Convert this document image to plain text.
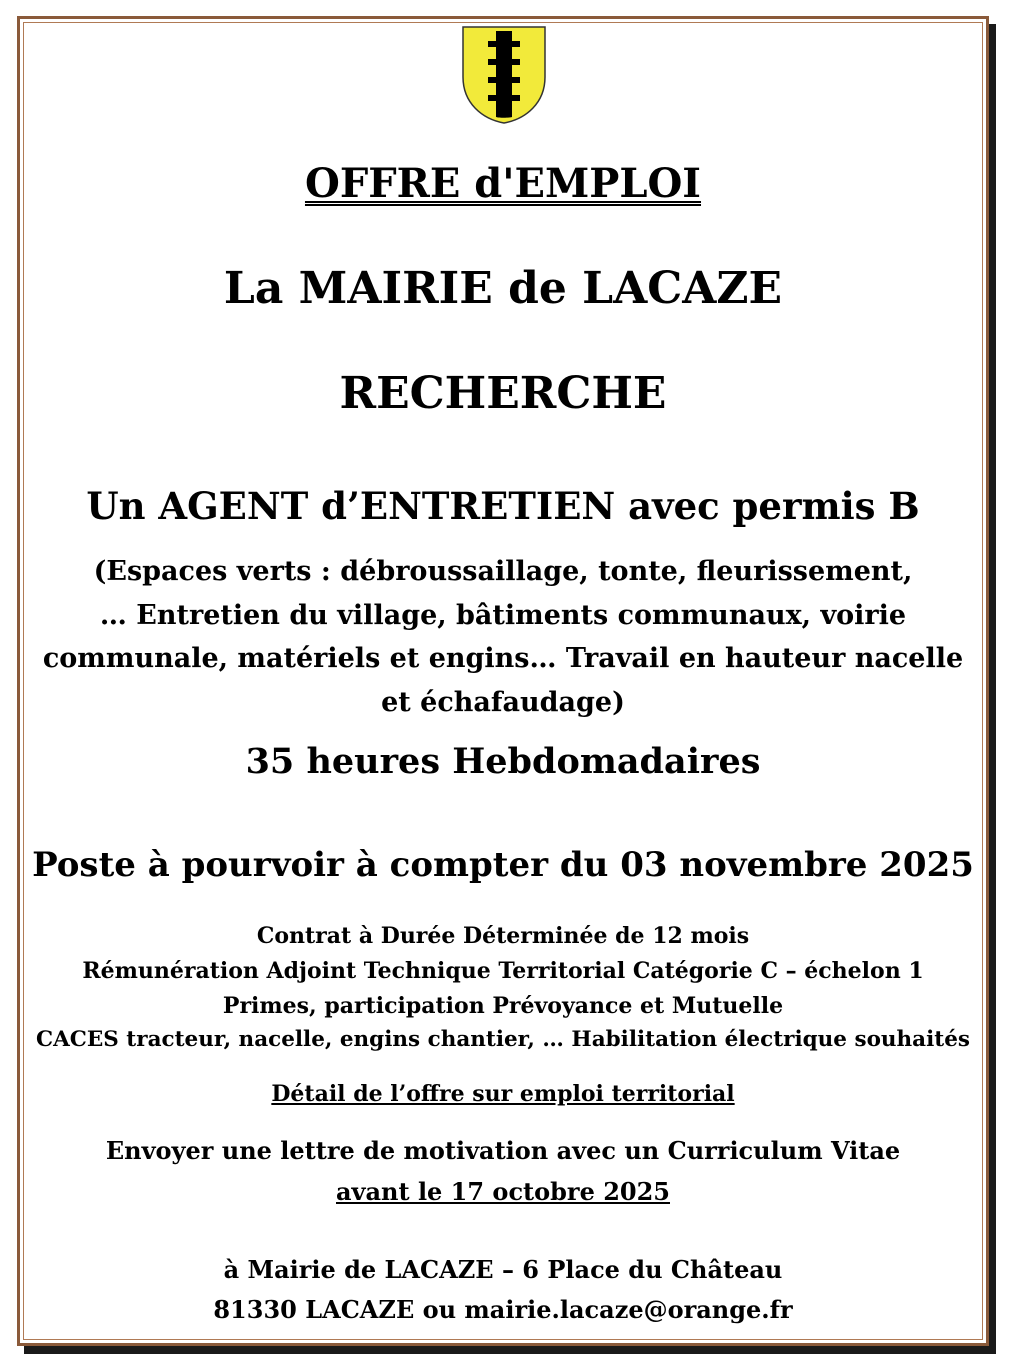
OFFRE d'EMPLOI
La MAIRIE de LACAZE
RECHERCHE
Un AGENT d’ENTRETIEN avec permis B
(Espaces verts : débroussaillage, tonte, fleurissement,
… Entretien du village, bâtiments communaux, voirie
communale, matériels et engins… Travail en hauteur nacelle
et échafaudage)
35 heures Hebdomadaires
Poste à pourvoir à compter du 03 novembre 2025
Contrat à Durée Déterminée de 12 mois
Rémunération Adjoint Technique Territorial Catégorie C – échelon 1
Primes, participation Prévoyance et Mutuelle
CACES tracteur, nacelle, engins chantier, … Habilitation électrique souhaités
Détail de l’offre sur emploi territorial
Envoyer une lettre de motivation avec un Curriculum Vitae
avant le 17 octobre 2025
à Mairie de LACAZE – 6 Place du Château
81330 LACAZE ou mairie.lacaze@orange.fr
